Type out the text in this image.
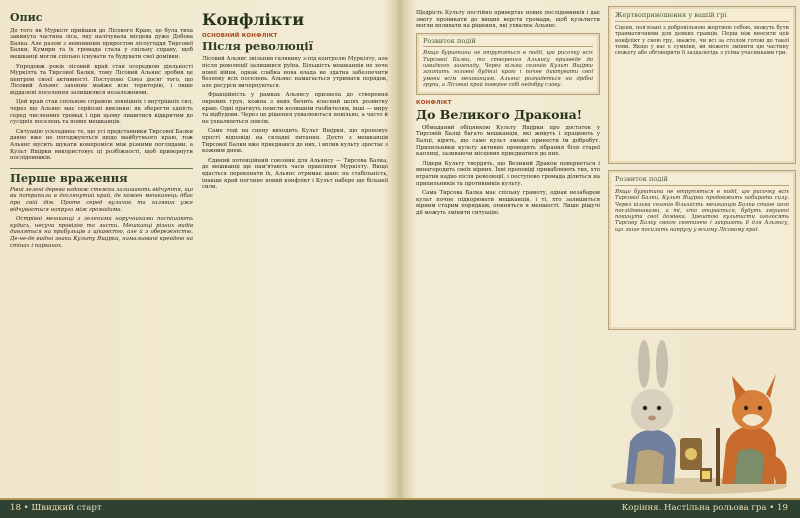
Опис

До того як Муркілт прийшов до Лісового Краю, це була тиха закинута частина ліса, яку налічувала місцева дуже Добова Балка. Але разом з невпинним приростом лісоугоддя Тирсової Балки, Кумири та їх громада стала у спільну справу, щоб мешканці могли спільно існувати та будувати свої домівки.

Упродовж років лісовий край став осередком діяльності Муркілта та Тирсової Балки, тому Лісовий Альянс зробив це центром своєї активності. Поступово Союз досяг того, що Лісовий Альянс захопив майже всю територію, і лише віддалені поселення залишилися незалежними.

Цей край став спільною справою зовнішніх і внутрішніх сил, через що Альянс має серйозні виклики: як зберегти єдність серед численних громад і при цьому лишитися відкритим до сусідніх поселень та нових мешканців.

Ситуацію ускладнює те, що усі представники Тирсової Балки давно вже не погоджуються щодо майбутнього краю, тож Альянс мусить шукати компроміси між різними поглядами, а Культ Ящірки використовує ці розбіжності, щоб привернути послідовників.

Перше враження

Рівні зелені дерева вздовж стежки залишають відчуття, що ви потрапили в доглянутий край, де кожен мешканець дбає про свій дім. Проте серед вуличок та галявин уже відчувається напруга між громадами.

Острівні мешканці з зеленими наручниками поспішають кудись, несучи провізію та листи. Мешканці різних видів дивляться на прибульців з цікавістю, але й з обережністю. Де-не-де видно знаки Культу Ящірки, намальовані крейдою на стінах і парканах.

Конфлікти
ОСНОВНИЙ КОНФЛІКТ
Після революції

Лісовий Альянс звільнив галявину з-під контролю Муркілту, але після революції залишився руїна. Більшість мешканців не хоче нової війни, однак слабка нова влада не здатна забезпечити безпеку всіх поселень. Альянс намагається утримати порядок, але ресурси вичерпуються.

Фракційність у рамках Альянсу призвела до створення окремих груп, кожна з яких бачить власний шлях розвитку краю. Одні прагнуть помсти колишнім гнобителям, інші — миру та відбудови. Через це рішення ухвалюються повільно, а часто й не ухвалюються зовсім.

Саме тоді на сцену виходить Культ Ящірки, що пропонує прості відповіді на складні питання. Дехто з мешканців Тирсової Балки вже приєднався до них, і вплив культу зростає з кожним днем.

Єдиний потенційний союзник для Альянсу — Тирсова Балка, де мешканці ще пам'ятають часи правління Муркілту. Якщо вдасться переконати їх, Альянс отримає шанс на стабільність, інакше край поглине новий конфлікт і Культ набере ще більшої сили.

Щедрість Культу постійно привертає нових послідовників і дає змогу проникати до вищих верств громади, щоб культисти могли впливати на рішення, які ухвалює Альянс.

Розвиток подій

Якщо бурштини не втрутяться в події, цю рисочку всіх Тирсової Балки, то створення Альянсу призведе до швидкого занепаду. Через кілька сезонів Культ Ящірки захопить головні будівлі краю і почне диктувати свої умови всім мешканцям. Альянс розпадеться на дрібні групи, а Лісовий край поверне собі недобру славу.

КОНФЛІКТ
До Великого Дракона!

Обмаданий обіцянкою Культу Ящірки про достаток у Тирсовій Балці багато мешканців, які живуть і працюють у Балці, вірять, що саме культ зможе принести їм добробут. Прихильники культу активно проводять зібрання біля старої каплиці, зазиваючи місцевих приєднатися до них.

Лідери Культу твердять, що Великий Дракон повернеться і винагородить своїх вірних. Їхні проповіді приваблюють тих, хто втратив надію після революції, і поступово громада ділиться на прихильників та противників культу.

Сама Тирсова Балка має спільну грамоту, однак незабаром культ почне підкорювати мешканців, і ті, хто залишиться вірним старим порядкам, опиняться в меншості. Лише рішучі дії можуть змінити ситуацію.

Жертвоприношення у вашій грі

Сцени, пов'язані з добровільною жертвою собою, можуть бути травматичними для деяких гравців. Перш ніж вносити цей конфлікт у свою гру, зважте, чи всі за столом готові до такої теми. Якщо у вас є сумніви, ви можете змінити цю частину сюжету або обговорити її заздалегідь з усіма учасниками гри.

Розвиток подій

Якщо бурштини не втрутяться в події, цю рисочку всіх Тирсової Балки, Культ Ящірки продовжить набирати силу. Через кілька сезонів більшість мешканців Балки стане його послідовниками, а ті, хто опирається, будуть змушені покинути свої домівки. Зрештою культисти оголосять Тирсову Балку своєю святинею і закриють її для Альянсу, що лише посилить напругу у всьому Лісовому краї.

18 • Швидкий старт	Коріння. Настільна рольова гра • 19
